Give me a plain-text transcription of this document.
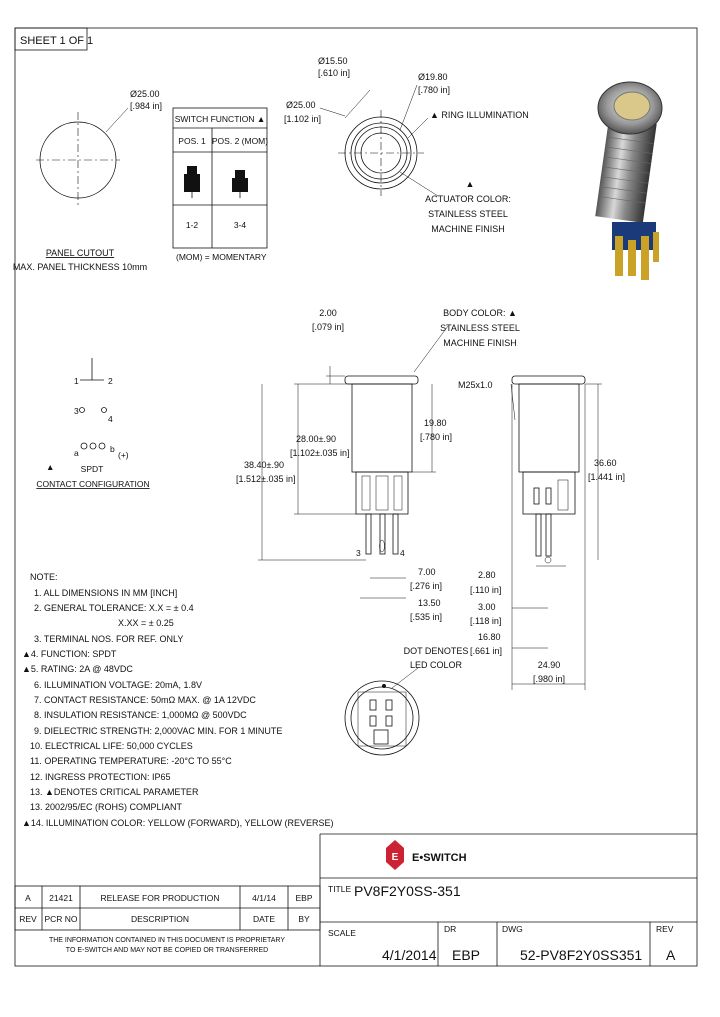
SHEET 1 OF 1
Ø25.00
[.984 in]
PANEL CUTOUT
MAX. PANEL THICKNESS 10mm
SWITCH FUNCTION ▲
POS. 1 POS. 2 (MOM)
1-2	3-4
(MOM) = MOMENTARY
Ø15.50
[.610 in]
Ø25.00
[1.102 in]
Ø19.80
[.780 in]
▲ RING ILLUMINATION
▲
ACTUATOR COLOR:
STAINLESS STEEL
MACHINE FINISH
3	4
2.00
[.079 in]
28.00±.90
[1.102±.035 in]
38.40±.90
[1.512±.035 in]
19.80
[.780 in]
7.00
[.276 in]
13.50
[.535 in]
BODY COLOR: ▲
STAINLESS STEEL
MACHINE FINISH
M25x1.0
36.60
[1.441 in]
2.80
[.110 in]
3.00
[.118 in]
16.80
[.661 in]
24.90
[.980 in]
DOT DENOTES
LED COLOR
1	2
3
4
a	b
(+)
▲	SPDT
CONTACT CONFIGURATION
NOTE:
1. ALL DIMENSIONS IN MM [INCH]
2. GENERAL TOLERANCE: X.X = ± 0.4
X.XX = ± 0.25
3. TERMINAL NOS. FOR REF. ONLY
▲4. FUNCTION: SPDT
▲5. RATING: 2A @ 48VDC
6. ILLUMINATION VOLTAGE: 20mA, 1.8V
7. CONTACT RESISTANCE: 50mΩ MAX. @ 1A 12VDC
8. INSULATION RESISTANCE: 1,000MΩ @ 500VDC
9. DIELECTRIC STRENGTH: 2,000VAC MIN. FOR 1 MINUTE
10. ELECTRICAL LIFE: 50,000 CYCLES
11. OPERATING TEMPERATURE: -20°C TO 55°C
12. INGRESS PROTECTION: IP65
13. ▲DENOTES CRITICAL PARAMETER
13. 2002/95/EC (ROHS) COMPLIANT
▲14. ILLUMINATION COLOR: YELLOW (FORWARD), YELLOW (REVERSE)
E E•SWITCH
TITLE PV8F2Y0SS-351
SCALE	DR	DWG	REV
4/1/2014 EBP	52-PV8F2Y0SS351 A
A 21421	RELEASE FOR PRODUCTION	4/1/14 EBP
REV PCR NO	DESCRIPTION	DATE	BY
THE INFORMATION CONTAINED IN THIS DOCUMENT IS PROPRIETARY
TO E-SWITCH AND MAY NOT BE COPIED OR TRANSFERRED
